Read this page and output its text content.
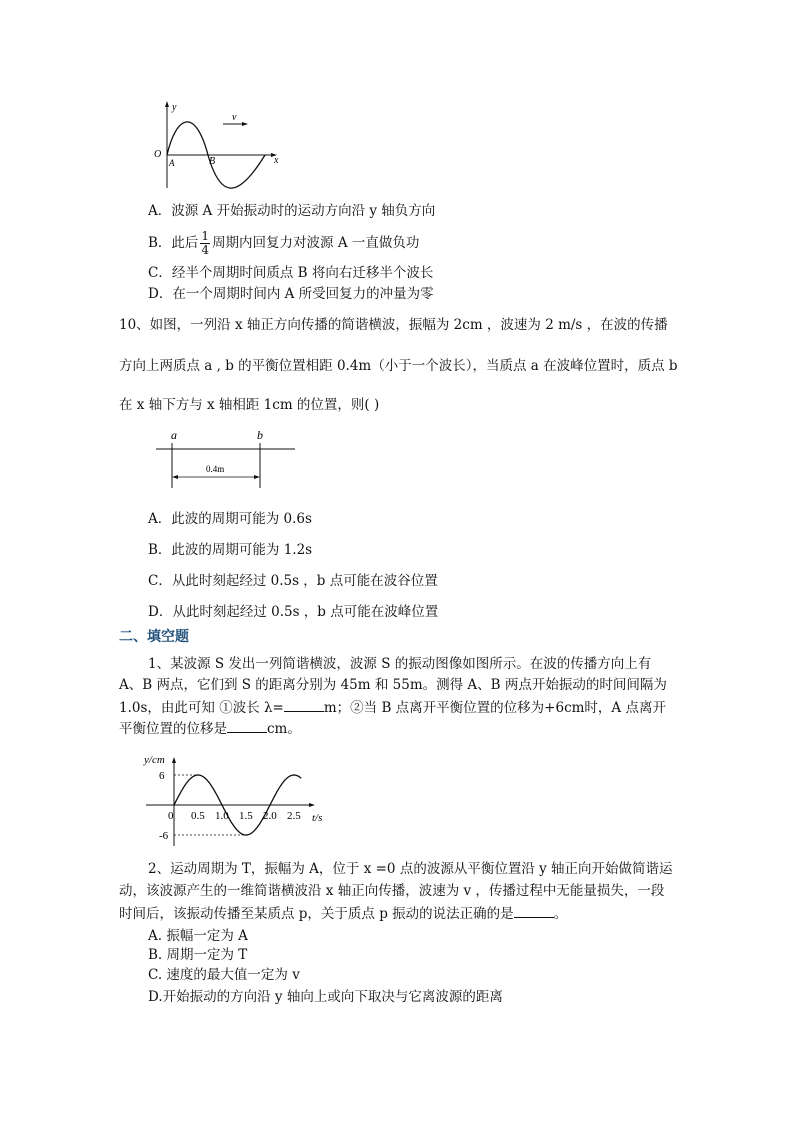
y
v
O
A	B	x
A．波源 A 开始振动时的运动方向沿 y 轴负方向
B．此后 $\frac{1}{4}$ 周期内回复力对波源 A 一直做负功
C．经半个周期时间质点 B 将向右迁移半个波长
D．在一个周期时间内 A 所受回复力的冲量为零
10、如图，一列沿 x 轴正方向传播的简谐横波，振幅为 2cm ，波速为 2 m/s ，在波的传播
方向上两质点 a , b 的平衡位置相距 0.4m（小于一个波长），当质点 a 在波峰位置时，质点 b
在 x 轴下方与 x 轴相距 1cm 的位置，则( )
a	b
0.4m
A．此波的周期可能为 0.6s
B．此波的周期可能为 1.2s
C．从此时刻起经过 0.5s ，b 点可能在波谷位置
D．从此时刻起经过 0.5s ，b 点可能在波峰位置
二、填空题
1、某波源 S 发出一列简谐横波，波源 S 的振动图像如图所示。在波的传播方向上有
A、B 两点，它们到 S 的距离分别为 45m 和 55m。测得 A、B 两点开始振动的时间间隔为
1.0s，由此可知 ①波长 λ=	m；②当 B 点离开平衡位置的位移为+6cm时，A 点离开
平衡位置的位移是	cm。
y/cm
t/s
0 0.5 1.0 1.5 2.0 2.5
6
-6
2、运动周期为 T，振幅为 A，位于 x =0 点的波源从平衡位置沿 y 轴正向开始做简谐运
动，该波源产生的一维简谐横波沿 x 轴正向传播，波速为 v ，传播过程中无能量损失，一段
时间后，该振动传播至某质点 p，关于质点 p 振动的说法正确的是	。
A. 振幅一定为 A
B. 周期一定为 T
C. 速度的最大值一定为 v
D.开始振动的方向沿 y 轴向上或向下取决与它离波源的距离
